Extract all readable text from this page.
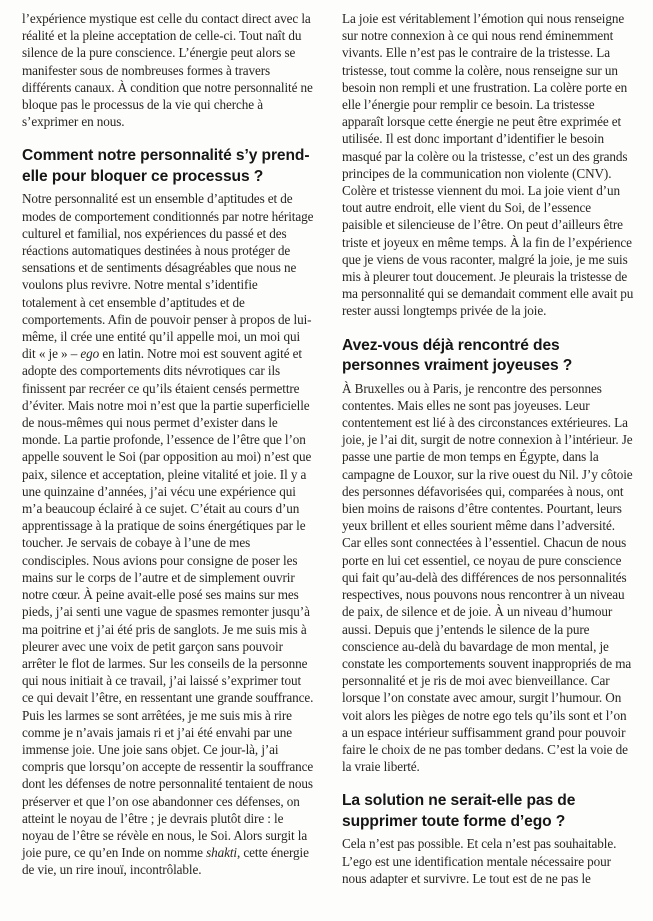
l’expérience mystique est celle du contact direct avec la réalité et la pleine acceptation de celle-ci. Tout naît du silence de la pure conscience. L’énergie peut alors se manifester sous de nombreuses formes à travers différents canaux. À condition que notre personnalité ne bloque pas le processus de la vie qui cherche à s’exprimer en nous.

Comment notre personnalité s’y prend-elle pour bloquer ce processus ?

Notre personnalité est un ensemble d’aptitudes et de modes de comportement conditionnés par notre héritage culturel et familial, nos expériences du passé et des réactions automatiques destinées à nous protéger de sensations et de sentiments désagréables que nous ne voulons plus revivre. Notre mental s’identifie totalement à cet ensemble d’aptitudes et de comportements. Afin de pouvoir penser à propos de lui-même, il crée une entité qu’il appelle moi, un moi qui dit « je » – ego en latin. Notre moi est souvent agité et adopte des comportements dits névrotiques car ils finissent par recréer ce qu’ils étaient censés permettre d’éviter. Mais notre moi n’est que la partie superficielle de nous-mêmes qui nous permet d’exister dans le monde. La partie profonde, l’essence de l’être que l’on appelle souvent le Soi (par opposition au moi) n’est que paix, silence et acceptation, pleine vitalité et joie. Il y a une quinzaine d’années, j’ai vécu une expérience qui m’a beaucoup éclairé à ce sujet. C’était au cours d’un apprentissage à la pratique de soins énergétiques par le toucher. Je servais de cobaye à l’une de mes condisciples. Nous avions pour consigne de poser les mains sur le corps de l’autre et de simplement ouvrir notre cœur. À peine avait-elle posé ses mains sur mes pieds, j’ai senti une vague de spasmes remonter jusqu’à ma poitrine et j’ai été pris de sanglots. Je me suis mis à pleurer avec une voix de petit garçon sans pouvoir arrêter le flot de larmes. Sur les conseils de la personne qui nous initiait à ce travail, j’ai laissé s’exprimer tout ce qui devait l’être, en ressentant une grande souffrance. Puis les larmes se sont arrêtées, je me suis mis à rire comme je n’avais jamais ri et j’ai été envahi par une immense joie. Une joie sans objet. Ce jour-là, j’ai compris que lorsqu’on accepte de ressentir la souffrance dont les défenses de notre personnalité tentaient de nous préserver et que l’on ose abandonner ces défenses, on atteint le noyau de l’être ; je devrais plutôt dire : le noyau de l’être se révèle en nous, le Soi. Alors surgit la joie pure, ce qu’en Inde on nomme shakti, cette énergie de vie, un rire inouï, incontrôlable.

La joie est véritablement l’émotion qui nous renseigne sur notre connexion à ce qui nous rend éminemment vivants. Elle n’est pas le contraire de la tristesse. La tristesse, tout comme la colère, nous renseigne sur un besoin non rempli et une frustration. La colère porte en elle l’énergie pour remplir ce besoin. La tristesse apparaît lorsque cette énergie ne peut être exprimée et utilisée. Il est donc important d’identifier le besoin masqué par la colère ou la tristesse, c’est un des grands principes de la communication non violente (CNV). Colère et tristesse viennent du moi. La joie vient d’un tout autre endroit, elle vient du Soi, de l’essence paisible et silencieuse de l’être. On peut d’ailleurs être triste et joyeux en même temps. À la fin de l’expérience que je viens de vous raconter, malgré la joie, je me suis mis à pleurer tout doucement. Je pleurais la tristesse de ma personnalité qui se demandait comment elle avait pu rester aussi longtemps privée de la joie.

Avez-vous déjà rencontré des personnes vraiment joyeuses ?

À Bruxelles ou à Paris, je rencontre des personnes contentes. Mais elles ne sont pas joyeuses. Leur contentement est lié à des circonstances extérieures. La joie, je l’ai dit, surgit de notre connexion à l’intérieur. Je passe une partie de mon temps en Égypte, dans la campagne de Louxor, sur la rive ouest du Nil. J’y côtoie des personnes défavorisées qui, comparées à nous, ont bien moins de raisons d’être contentes. Pourtant, leurs yeux brillent et elles sourient même dans l’adversité. Car elles sont connectées à l’essentiel. Chacun de nous porte en lui cet essentiel, ce noyau de pure conscience qui fait qu’au-delà des différences de nos personnalités respectives, nous pouvons nous rencontrer à un niveau de paix, de silence et de joie. À un niveau d’humour aussi. Depuis que j’entends le silence de la pure conscience au-delà du bavardage de mon mental, je constate les comportements souvent inappropriés de ma personnalité et je ris de moi avec bienveillance. Car lorsque l’on constate avec amour, surgit l’humour. On voit alors les pièges de notre ego tels qu’ils sont et l’on a un espace intérieur suffisamment grand pour pouvoir faire le choix de ne pas tomber dedans. C’est la voie de la vraie liberté.

La solution ne serait-elle pas de supprimer toute forme d’ego ?

Cela n’est pas possible. Et cela n’est pas souhaitable. L’ego est une identification mentale nécessaire pour nous adapter et survivre. Le tout est de ne pas le
